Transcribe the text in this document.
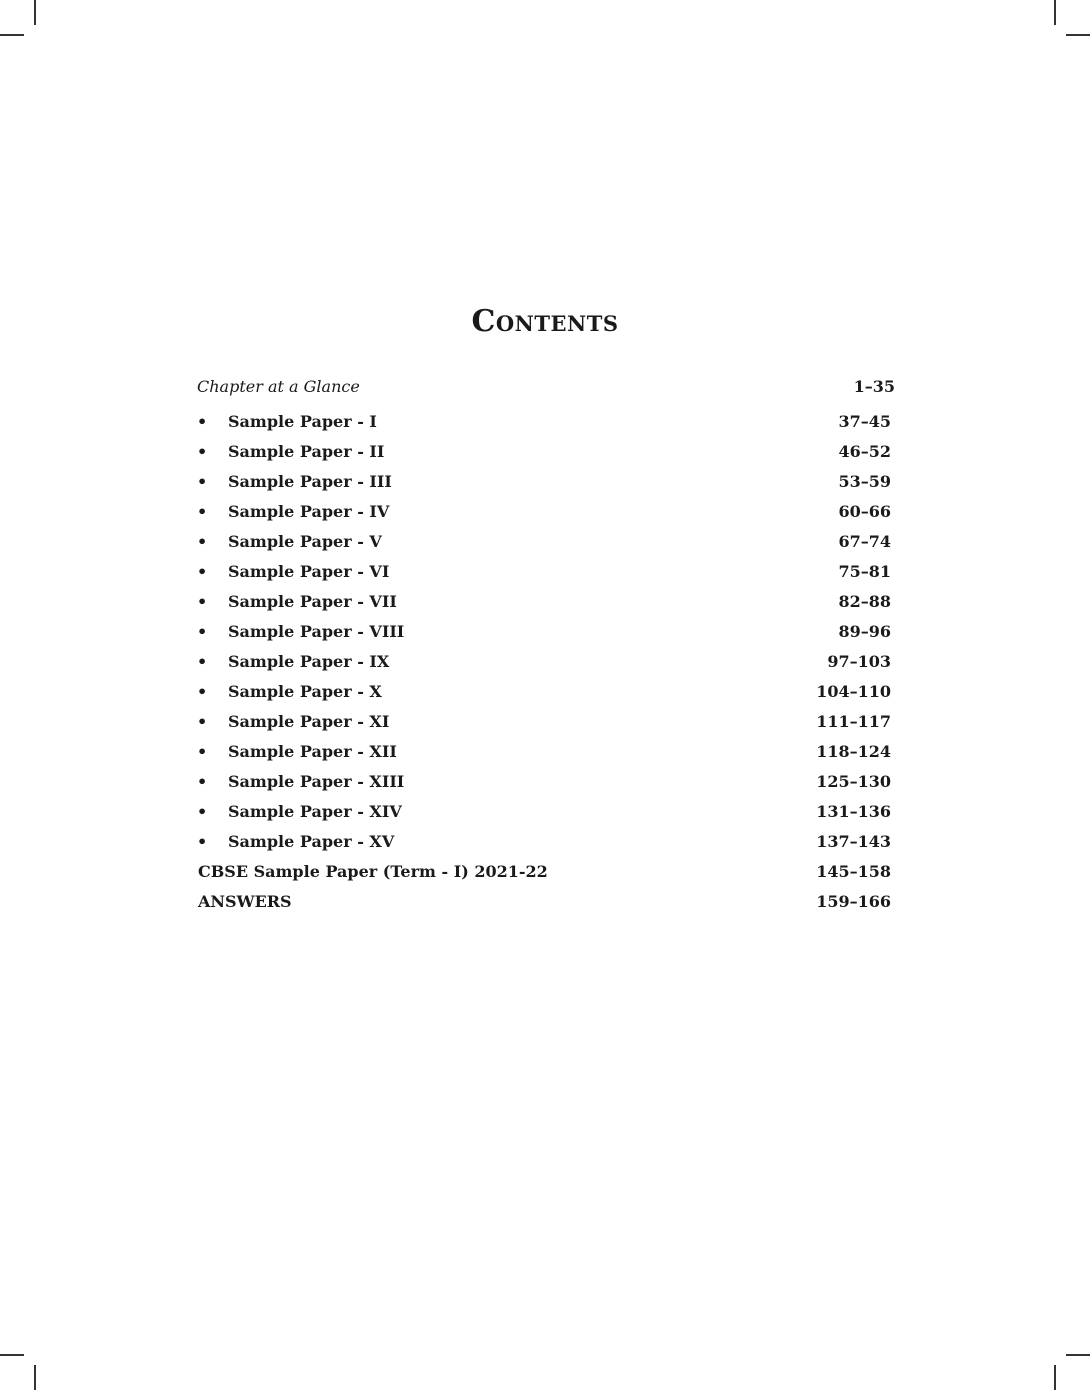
Contents
Chapter at a Glance	1–35
•	Sample Paper - I	37–45
•	Sample Paper - II	46–52
•	Sample Paper - III	53–59
•	Sample Paper - IV	60–66
•	Sample Paper - V	67–74
•	Sample Paper - VI	75–81
•	Sample Paper - VII	82–88
•	Sample Paper - VIII	89–96
•	Sample Paper - IX	97–103
•	Sample Paper - X	104–110
•	Sample Paper - XI	111–117
•	Sample Paper - XII	118–124
•	Sample Paper - XIII	125–130
•	Sample Paper - XIV	131–136
•	Sample Paper - XV	137–143
CBSE Sample Paper (Term - I) 2021-22	145–158
ANSWERS	159–166
